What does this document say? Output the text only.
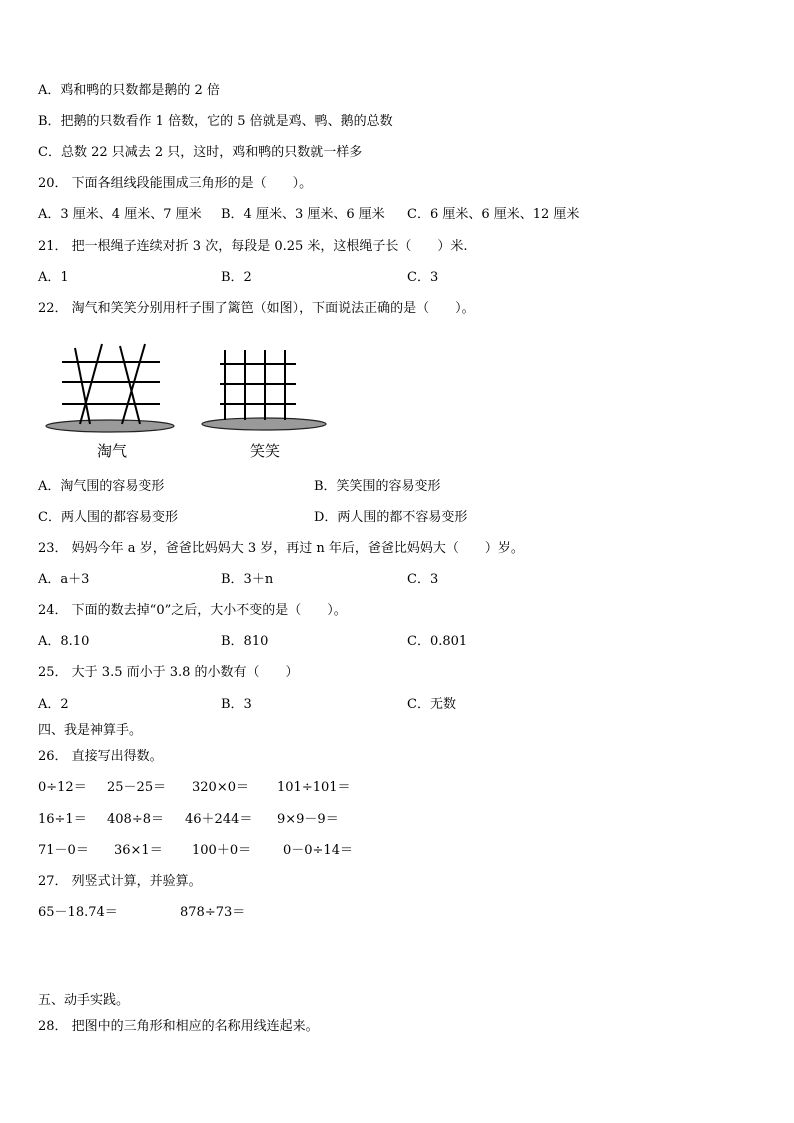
A．鸡和鸭的只数都是鹅的 2 倍
B．把鹅的只数看作 1 倍数，它的 5 倍就是鸡、鸭、鹅的总数
C．总数 22 只减去 2 只，这时，鸡和鸭的只数就一样多
20． 下面各组线段能围成三角形的是（　　）。
A．3 厘米、4 厘米、7 厘米 B．4 厘米、3 厘米、6 厘米 C．6 厘米、6 厘米、12 厘米
21． 把一根绳子连续对折 3 次，每段是 0.25 米，这根绳子长（　　）米.
A．1	B．2	C．3
22． 淘气和笑笑分别用杆子围了篱笆（如图），下面说法正确的是（　　）。
淘气	笑笑
A．淘气围的容易变形	B．笑笑围的容易变形
C．两人围的都容易变形	D．两人围的都不容易变形
23． 妈妈今年 a 岁，爸爸比妈妈大 3 岁，再过 n 年后，爸爸比妈妈大（　　）岁。
A．a＋3	B．3＋n	C．3
24． 下面的数去掉“0”之后，大小不变的是（　　）。
A．8.10	B．810	C．0.801
25． 大于 3.5 而小于 3.8 的小数有（　　）
A．2	B．3	C．无数
四、我是神算手。
26． 直接写出得数。
0÷12＝ 25－25＝ 320×0＝ 101÷101＝
16÷1＝ 408÷8＝ 46＋244＝ 9×9－9＝
71－0＝ 36×1＝ 100＋0＝ 0－0÷14＝
27． 列竖式计算，并验算。
65－18.74＝	878÷73＝
五、动手实践。
28． 把图中的三角形和相应的名称用线连起来。
